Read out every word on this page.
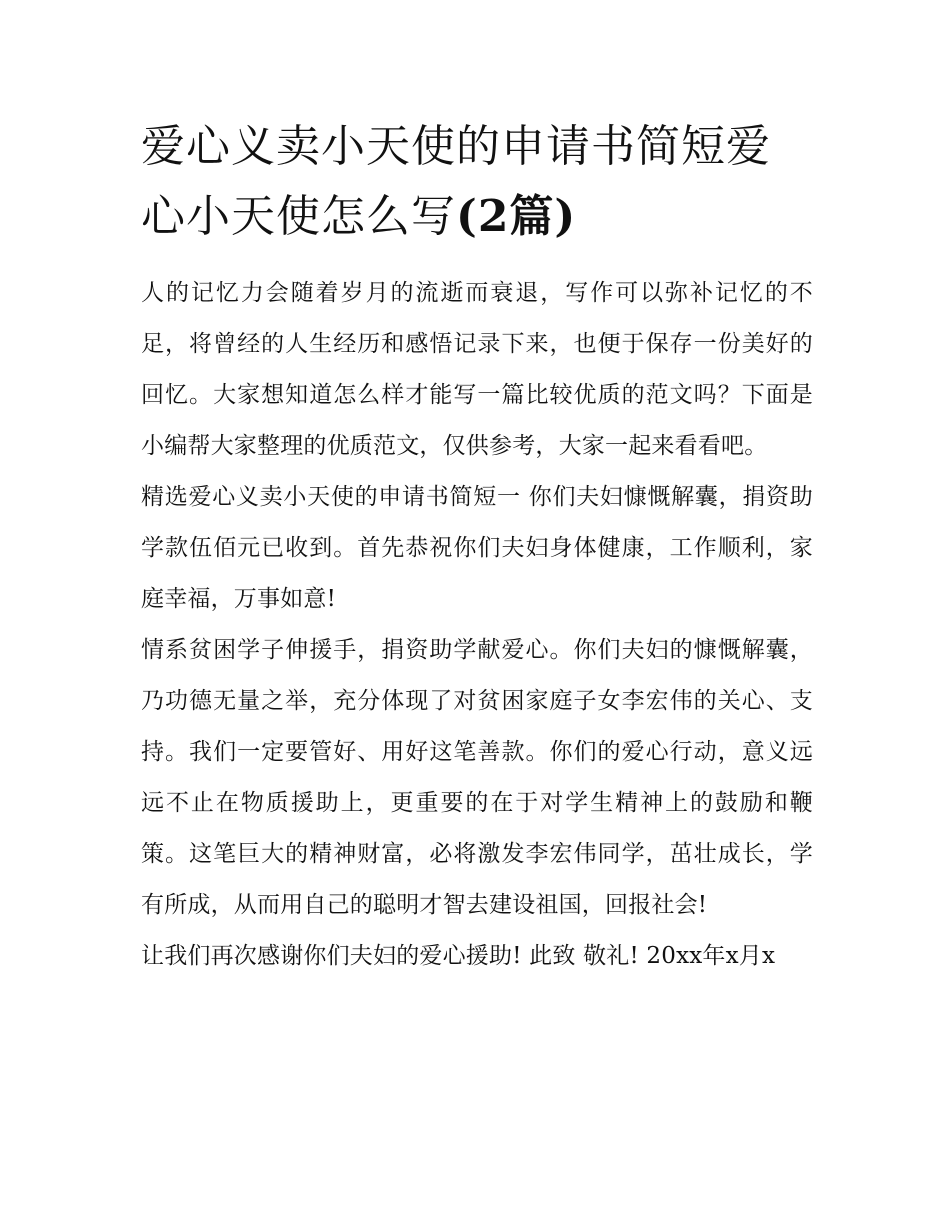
爱心义卖小天使的申请书简短爱心小天使怎么写(2篇)

人的记忆力会随着岁月的流逝而衰退，写作可以弥补记忆的不足，将曾经的人生经历和感悟记录下来，也便于保存一份美好的回忆。大家想知道怎么样才能写一篇比较优质的范文吗？下面是小编帮大家整理的优质范文，仅供参考，大家一起来看看吧。

精选爱心义卖小天使的申请书简短一 你们夫妇慷慨解囊，捐资助学款伍佰元已收到。首先恭祝你们夫妇身体健康，工作顺利，家庭幸福，万事如意!

情系贫困学子伸援手，捐资助学献爱心。你们夫妇的慷慨解囊，乃功德无量之举，充分体现了对贫困家庭子女李宏伟的关心、支持。我们一定要管好、用好这笔善款。你们的爱心行动，意义远远不止在物质援助上，更重要的在于对学生精神上的鼓励和鞭策。这笔巨大的精神财富，必将激发李宏伟同学，茁壮成长，学有所成，从而用自己的聪明才智去建设祖国，回报社会!

让我们再次感谢你们夫妇的爱心援助! 此致 敬礼! 20xx年x月x
